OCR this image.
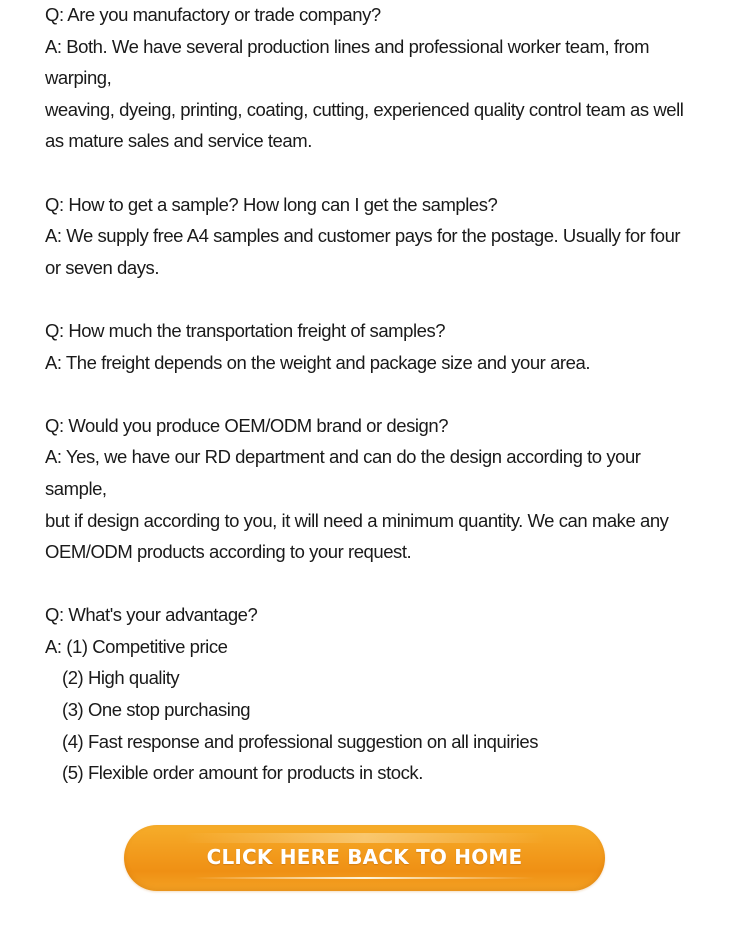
Q: Are you manufactory or trade company?
A: Both. We have several production lines and professional worker team, from
warping,
weaving, dyeing, printing, coating, cutting, experienced quality control team as well
as mature sales and service team.
Q: How to get a sample? How long can I get the samples?
A: We supply free A4 samples and customer pays for the postage. Usually for four
or seven days.
Q: How much the transportation freight of samples?
A: The freight depends on the weight and package size and your area.
Q: Would you produce OEM/ODM brand or design?
A: Yes, we have our RD department and can do the design according to your
sample,
but if design according to you, it will need a minimum quantity. We can make any
OEM/ODM products according to your request.
Q: What's your advantage?
A: (1) Competitive price
(2) High quality
(3) One stop purchasing
(4) Fast response and professional suggestion on all inquiries
(5) Flexible order amount for products in stock.
CLICK HERE BACK TO HOME
